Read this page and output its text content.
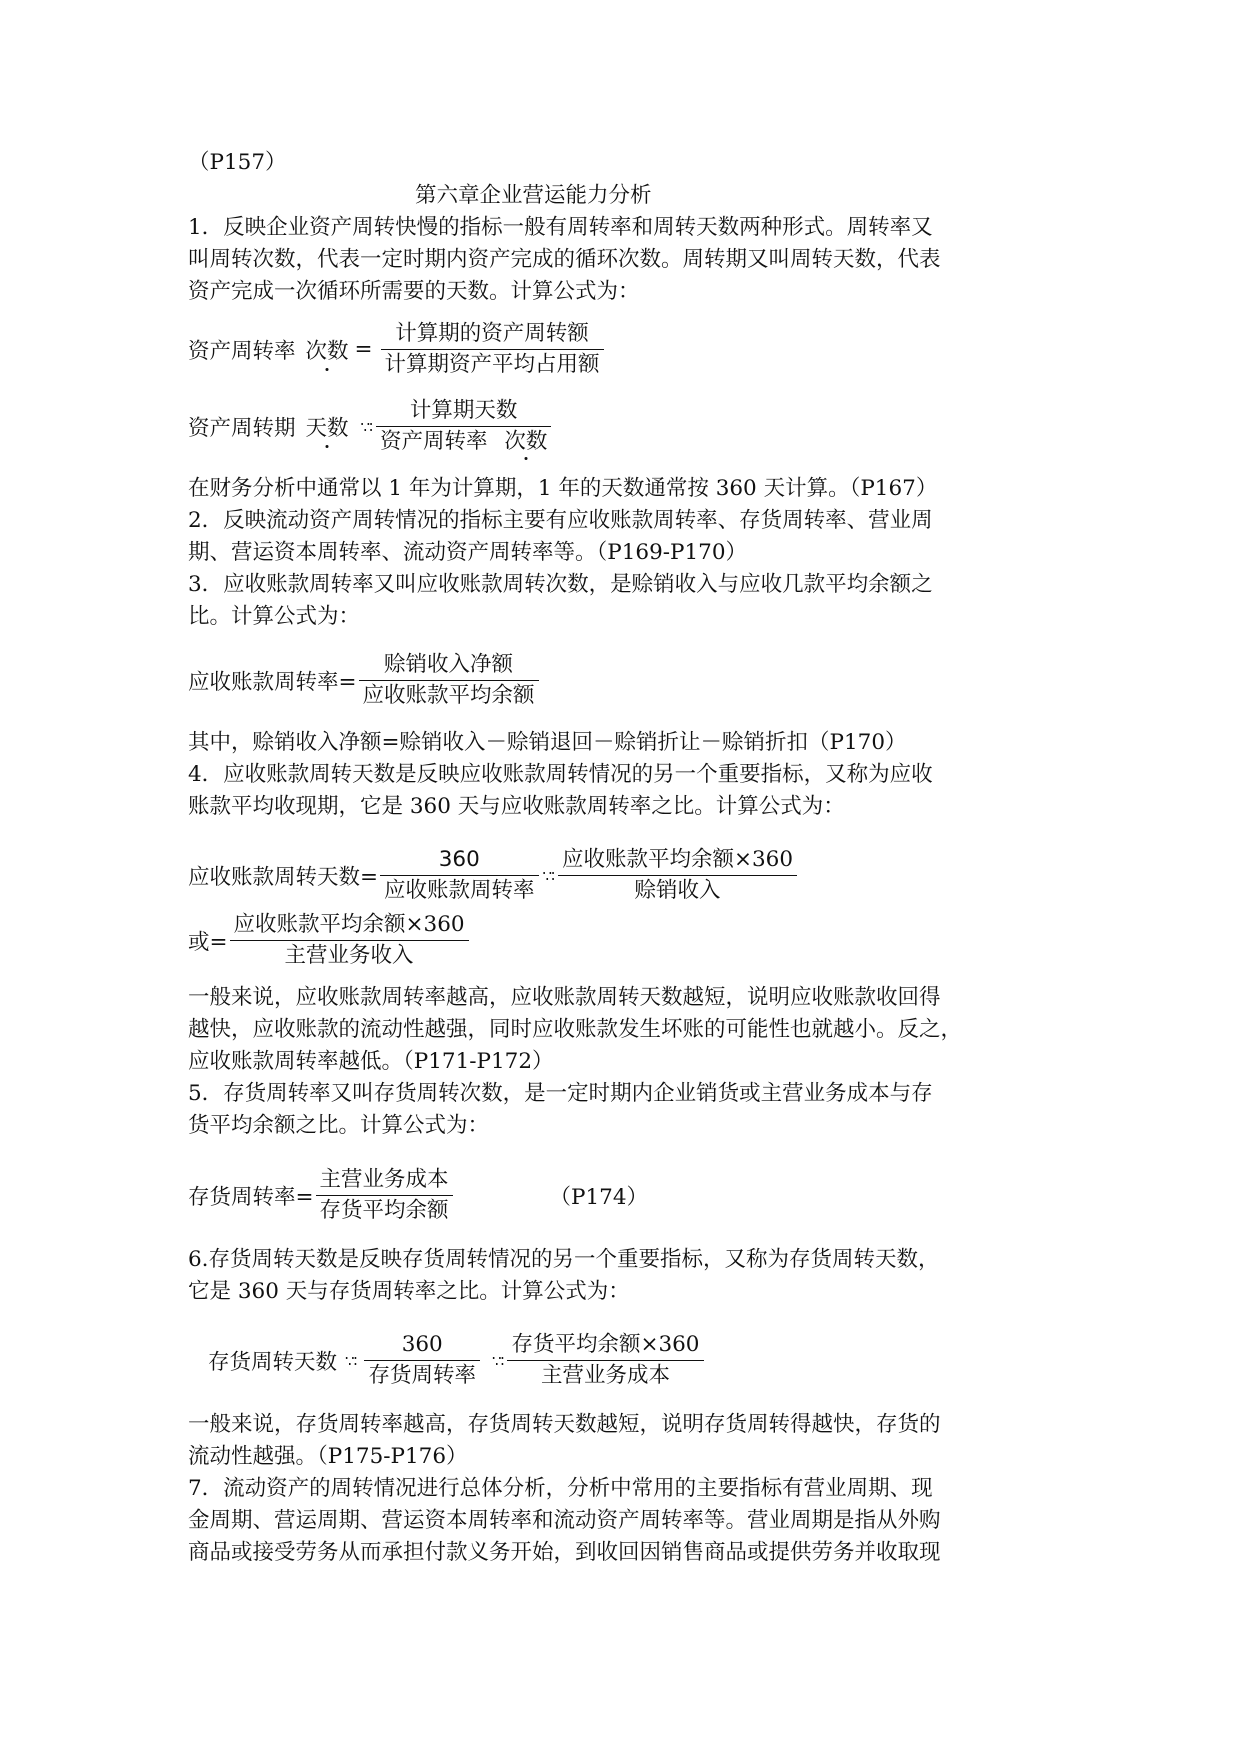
（P157）
第六章企业营运能力分析
1．反映企业资产周转快慢的指标一般有周转率和周转天数两种形式。周转率又
叫周转次数，代表一定时期内资产完成的循环次数。周转期又叫周转天数，代表
资产完成一次循环所需要的天数。计算公式为：
资产周转率 次数 = $\frac{\text{计算期的资产周转额}}{\text{计算期资产平均占用额}}$
资产周转期 天数 ∵∶ $\frac{\text{计算期天数}}{\text{资产周转率 次数}}$
在财务分析中通常以 1 年为计算期，1 年的天数通常按 360 天计算。（P167）
2．反映流动资产周转情况的指标主要有应收账款周转率、存货周转率、营业周
期、营运资本周转率、流动资产周转率等。（P169-P170）
3．应收账款周转率又叫应收账款周转次数，是赊销收入与应收几款平均余额之
比。计算公式为：
应收账款周转率= $\frac{\text{赊销收入净额}}{\text{应收账款平均余额}}$
其中，赊销收入净额=赊销收入－赊销退回－赊销折让－赊销折扣（P170）
4．应收账款周转天数是反映应收账款周转情况的另一个重要指标，又称为应收
账款平均收现期，它是 360 天与应收账款周转率之比。计算公式为：
应收账款周转天数= $\frac{360}{\text{应收账款周转率}}$ ∵∶ $\frac{\text{应收账款平均余额×360}}{\text{赊销收入}}$
或= $\frac{\text{应收账款平均余额×360}}{\text{主营业务收入}}$
一般来说，应收账款周转率越高，应收账款周转天数越短，说明应收账款收回得
越快，应收账款的流动性越强，同时应收账款发生坏账的可能性也就越小。反之，
应收账款周转率越低。（P171-P172）
5．存货周转率又叫存货周转次数，是一定时期内企业销货或主营业务成本与存
货平均余额之比。计算公式为：
存货周转率= $\frac{\text{主营业务成本}}{\text{存货平均余额}}$	（P174）
6.存货周转天数是反映存货周转情况的另一个重要指标，又称为存货周转天数，
它是 360 天与存货周转率之比。计算公式为：
存货周转天数 ∵∶ $\frac{360}{\text{存货周转率}}$ ∵∶ $\frac{\text{存货平均余额×360}}{\text{主营业务成本}}$
一般来说，存货周转率越高，存货周转天数越短，说明存货周转得越快，存货的
流动性越强。（P175-P176）
7．流动资产的周转情况进行总体分析，分析中常用的主要指标有营业周期、现
金周期、营运周期、营运资本周转率和流动资产周转率等。营业周期是指从外购
商品或接受劳务从而承担付款义务开始，到收回因销售商品或提供劳务并收取现
